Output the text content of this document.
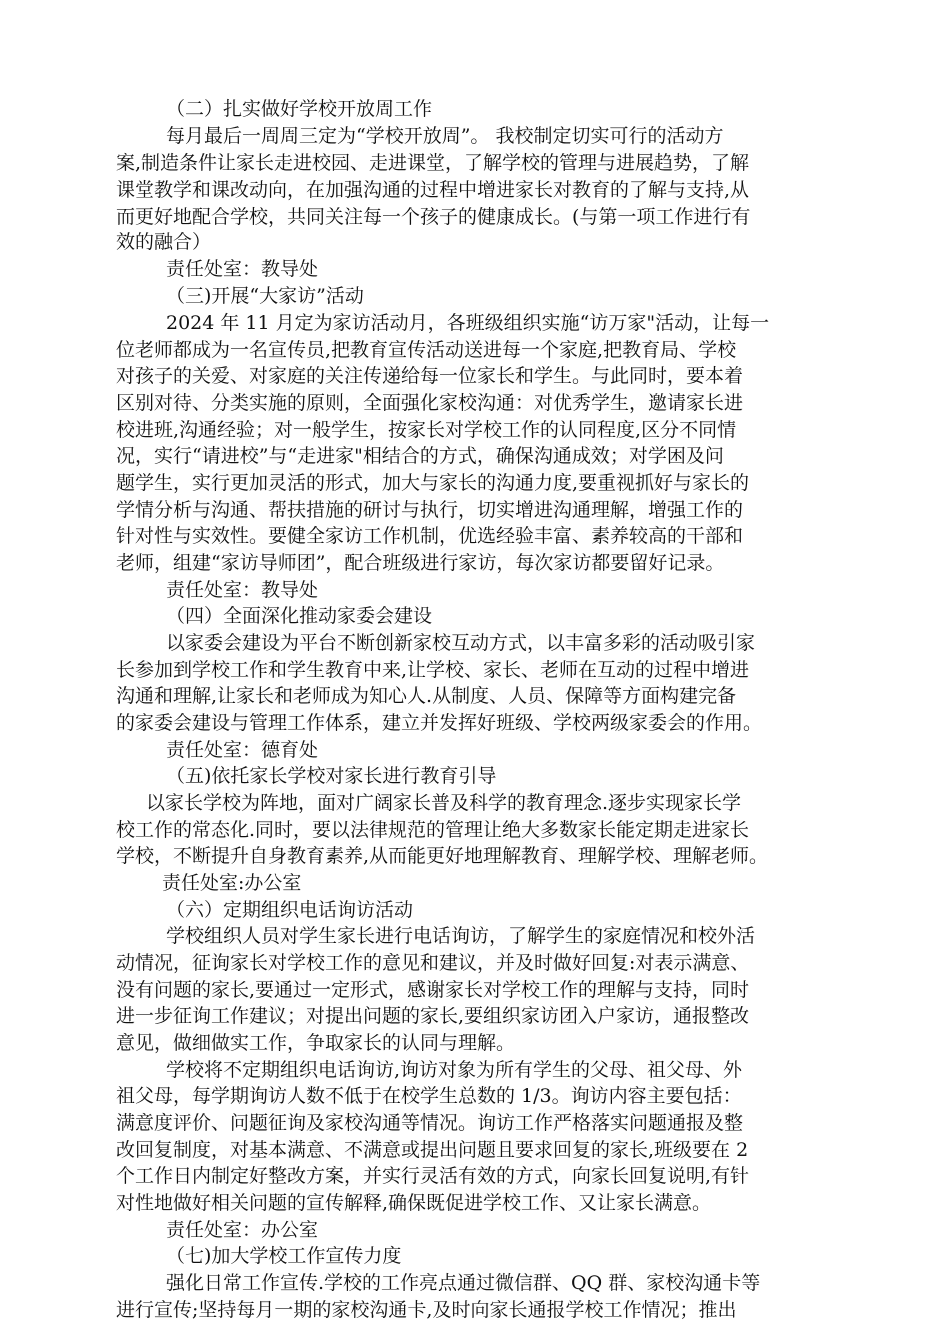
（二）扎实做好学校开放周工作

每月最后一周周三定为“学校开放周”。 我校制定切实可行的活动方

案,制造条件让家长走进校园、走进课堂，了解学校的管理与进展趋势，了解

课堂教学和课改动向，在加强沟通的过程中增进家长对教育的了解与支持,从

而更好地配合学校，共同关注每一个孩子的健康成长。(与第一项工作进行有

效的融合）

责任处室：教导处

（三)开展“大家访”活动

2024 年 11 月定为家访活动月，各班级组织实施“访万家"活动，让每一

位老师都成为一名宣传员,把教育宣传活动送进每一个家庭,把教育局、学校

对孩子的关爱、对家庭的关注传递给每一位家长和学生。与此同时，要本着

区别对待、分类实施的原则，全面强化家校沟通：对优秀学生，邀请家长进

校进班,沟通经验；对一般学生，按家长对学校工作的认同程度,区分不同情

况，实行“请进校”与“走进家"相结合的方式，确保沟通成效；对学困及问

题学生，实行更加灵活的形式，加大与家长的沟通力度,要重视抓好与家长的

学情分析与沟通、帮扶措施的研讨与执行，切实增进沟通理解，增强工作的

针对性与实效性。要健全家访工作机制，优选经验丰富、素养较高的干部和

老师，组建“家访导师团”，配合班级进行家访，每次家访都要留好记录。

责任处室：教导处

（四）全面深化推动家委会建设

以家委会建设为平台不断创新家校互动方式，以丰富多彩的活动吸引家

长参加到学校工作和学生教育中来,让学校、家长、老师在互动的过程中增进

沟通和理解,让家长和老师成为知心人.从制度、人员、保障等方面构建完备

的家委会建设与管理工作体系，建立并发挥好班级、学校两级家委会的作用。

责任处室：德育处

（五)依托家长学校对家长进行教育引导

以家长学校为阵地，面对广阔家长普及科学的教育理念.逐步实现家长学

校工作的常态化.同时，要以法律规范的管理让绝大多数家长能定期走进家长

学校，不断提升自身教育素养,从而能更好地理解教育、理解学校、理解老师。

责任处室:办公室

（六）定期组织电话询访活动

学校组织人员对学生家长进行电话询访，了解学生的家庭情况和校外活

动情况，征询家长对学校工作的意见和建议，并及时做好回复:对表示满意、

没有问题的家长,要通过一定形式，感谢家长对学校工作的理解与支持，同时

进一步征询工作建议；对提出问题的家长,要组织家访团入户家访，通报整改

意见，做细做实工作，争取家长的认同与理解。

学校将不定期组织电话询访,询访对象为所有学生的父母、祖父母、外

祖父母，每学期询访人数不低于在校学生总数的 1/3。询访内容主要包括：

满意度评价、问题征询及家校沟通等情况。询访工作严格落实问题通报及整

改回复制度，对基本满意、不满意或提出问题且要求回复的家长,班级要在 2

个工作日内制定好整改方案，并实行灵活有效的方式，向家长回复说明,有针

对性地做好相关问题的宣传解释,确保既促进学校工作、又让家长满意。

责任处室：办公室

（七)加大学校工作宣传力度

强化日常工作宣传.学校的工作亮点通过微信群、QQ 群、家校沟通卡等

进行宣传;坚持每月一期的家校沟通卡,及时向家长通报学校工作情况；推出
